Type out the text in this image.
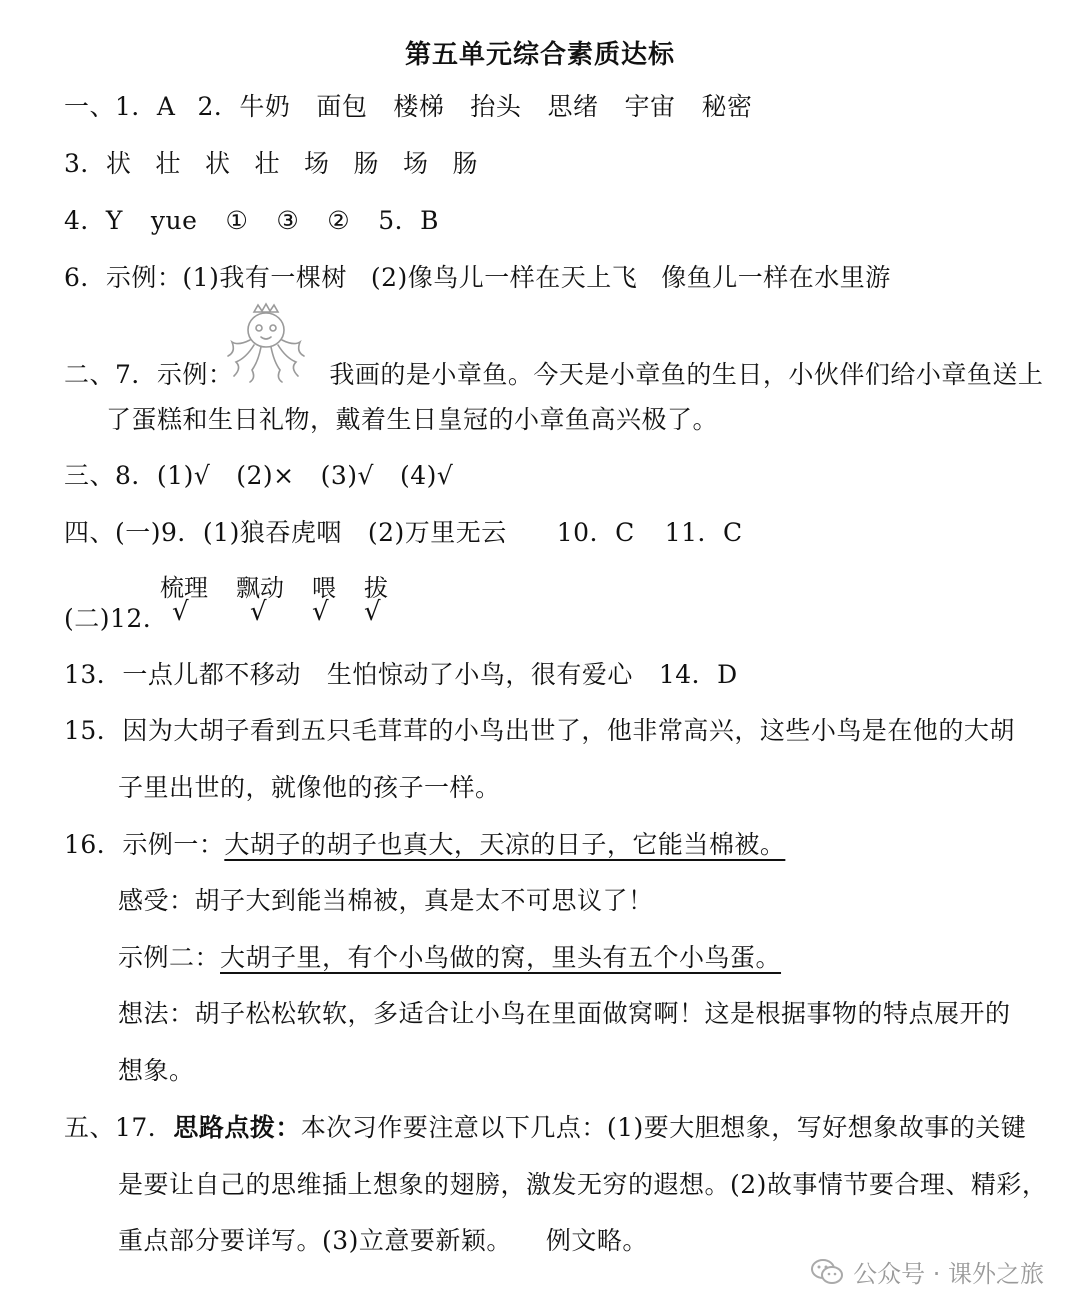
第五单元综合素质达标
一、1．A 2．牛奶 面包 楼梯 抬头 思绪 宇宙 秘密
3．状 壮 状 壮 场 肠 场 肠
4．Y yue ① ③ ② 5．B
6．示例：(1)我有一棵树 (2)像鸟儿一样在天上飞 像鱼儿一样在水里游
二、7．示例：	我画的是小章鱼。今天是小章鱼的生日，小伙伴们给小章鱼送上
了蛋糕和生日礼物，戴着生日皇冠的小章鱼高兴极了。
三、8．(1)√ (2)× (3)√ (4)√
四、(一)9．(1)狼吞虎咽 (2)万里无云 10．C 11．C
(二)12．
梳理 飘动 喂 拔
√ √ √ √
13．一点儿都不移动 生怕惊动了小鸟，很有爱心 14．D
15．因为大胡子看到五只毛茸茸的小鸟出世了，他非常高兴，这些小鸟是在他的大胡
子里出世的，就像他的孩子一样。
16．示例一：大胡子的胡子也真大，天凉的日子，它能当棉被。
感受：胡子大到能当棉被，真是太不可思议了！
示例二：大胡子里，有个小鸟做的窝，里头有五个小鸟蛋。
想法：胡子松松软软，多适合让小鸟在里面做窝啊！这是根据事物的特点展开的
想象。
五、17．思路点拨：本次习作要注意以下几点：(1)要大胆想象，写好想象故事的关键
是要让自己的思维插上想象的翅膀，激发无穷的遐想。(2)故事情节要合理、精彩，
重点部分要详写。(3)立意要新颖。 例文略。
公众号 · 课外之旅
